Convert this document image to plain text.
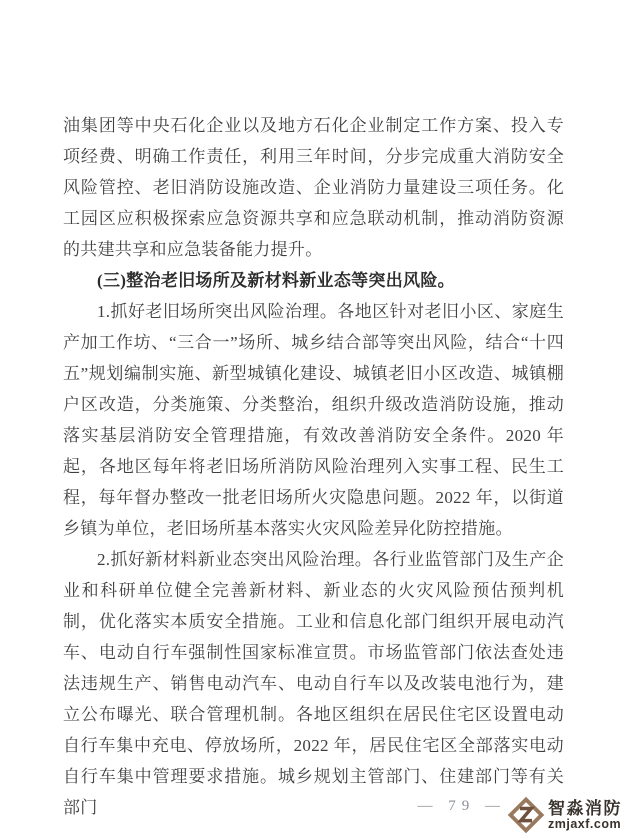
油集团等中央石化企业以及地方石化企业制定工作方案、投入专项经费、明确工作责任，利用三年时间，分步完成重大消防安全风险管控、老旧消防设施改造、企业消防力量建设三项任务。化工园区应积极探索应急资源共享和应急联动机制，推动消防资源的共建共享和应急装备能力提升。

(三)整治老旧场所及新材料新业态等突出风险。

1.抓好老旧场所突出风险治理。各地区针对老旧小区、家庭生产加工作坊、“三合一”场所、城乡结合部等突出风险，结合“十四五”规划编制实施、新型城镇化建设、城镇老旧小区改造、城镇棚户区改造，分类施策、分类整治，组织升级改造消防设施，推动落实基层消防安全管理措施，有效改善消防安全条件。2020 年起，各地区每年将老旧场所消防风险治理列入实事工程、民生工程，每年督办整改一批老旧场所火灾隐患问题。2022 年，以街道乡镇为单位，老旧场所基本落实火灾风险差异化防控措施。

2.抓好新材料新业态突出风险治理。各行业监管部门及生产企业和科研单位健全完善新材料、新业态的火灾风险预估预判机制，优化落实本质安全措施。工业和信息化部门组织开展电动汽车、电动自行车强制性国家标准宣贯。市场监管部门依法查处违法违规生产、销售电动汽车、电动自行车以及改装电池行为，建立公布曝光、联合管理机制。各地区组织在居民住宅区设置电动自行车集中充电、停放场所，2022 年，居民住宅区全部落实电动自行车集中管理要求措施。城乡规划主管部门、住建部门等有关部门	— 79 — 智淼消防
zmjaxf.com
